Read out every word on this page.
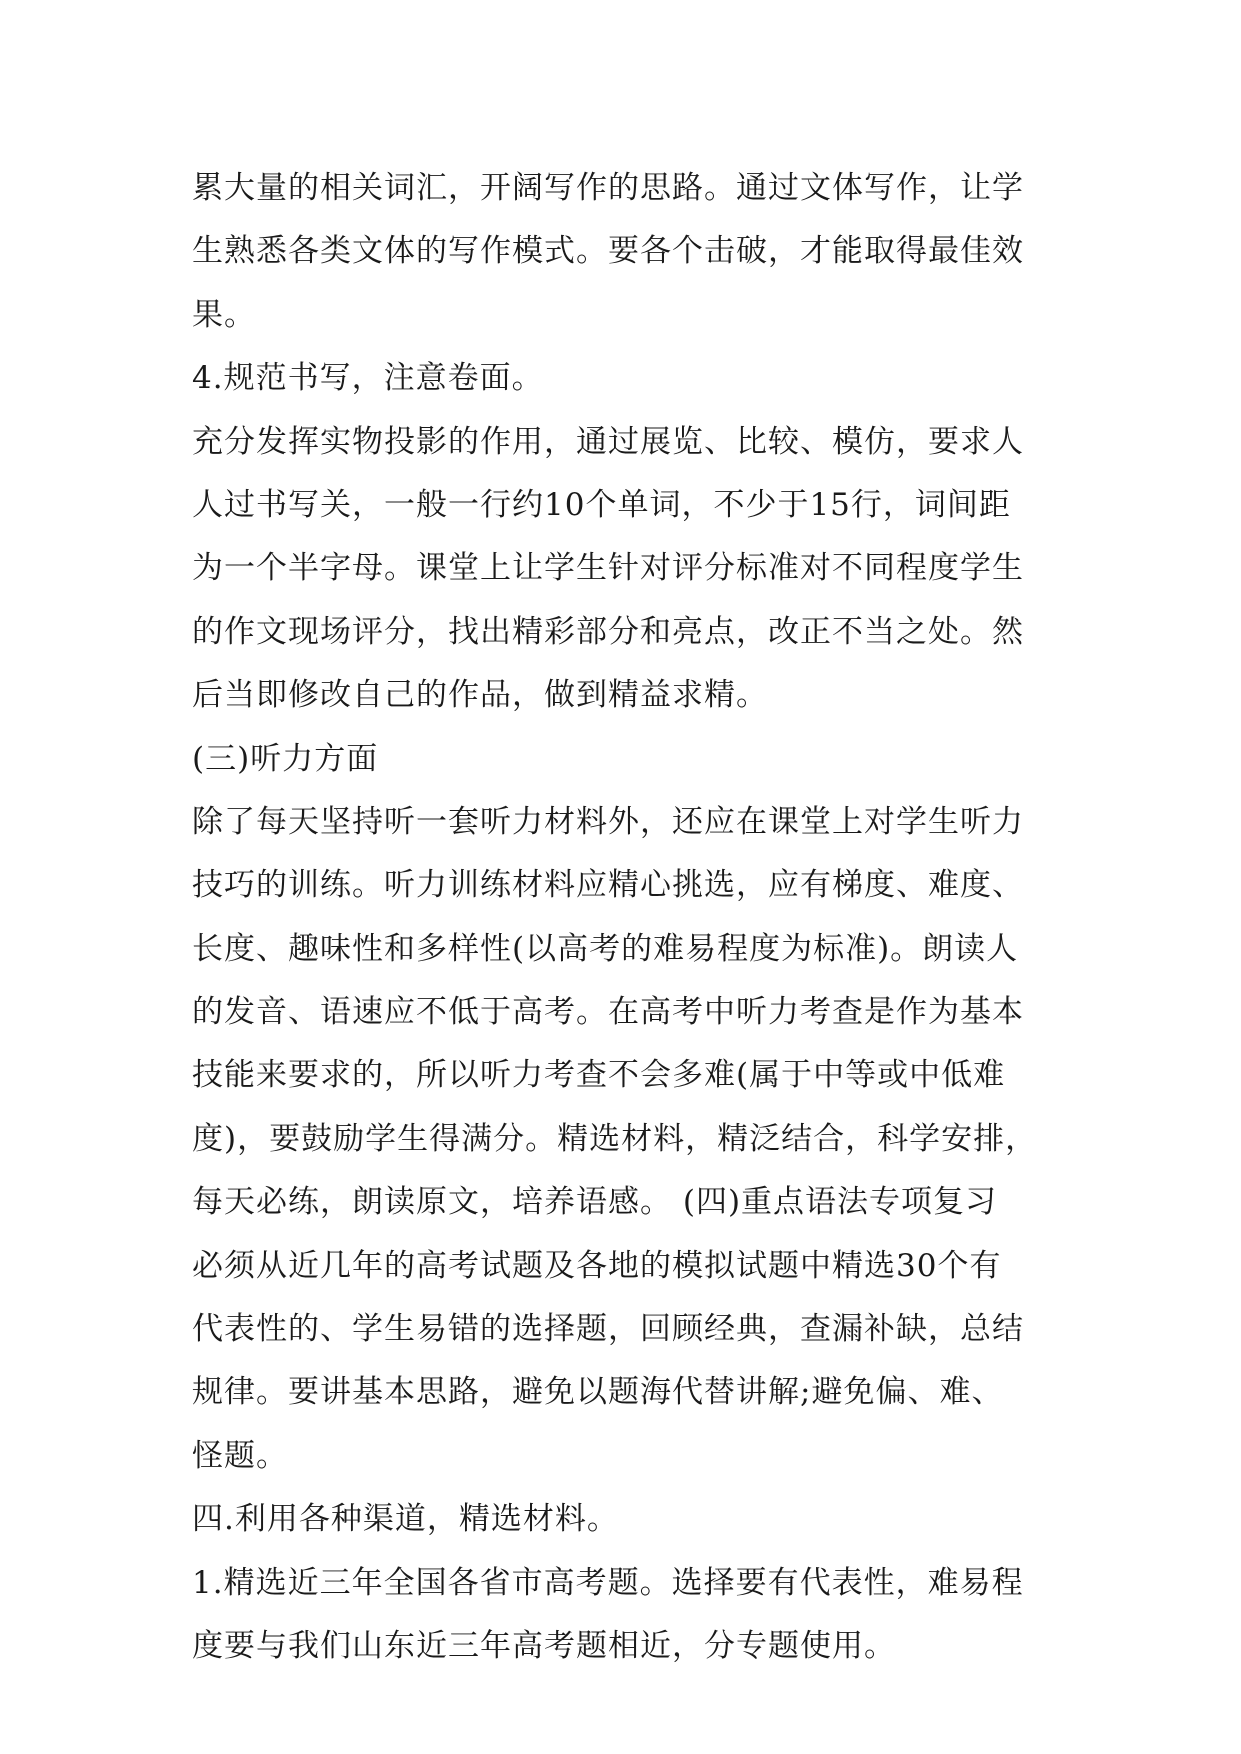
累大量的相关词汇，开阔写作的思路。通过文体写作，让学
生熟悉各类文体的写作模式。要各个击破，才能取得最佳效
果。
4.规范书写，注意卷面。
充分发挥实物投影的作用，通过展览、比较、模仿，要求人
人过书写关，一般一行约10个单词，不少于15行，词间距
为一个半字母。课堂上让学生针对评分标准对不同程度学生
的作文现场评分，找出精彩部分和亮点，改正不当之处。然
后当即修改自己的作品，做到精益求精。
(三)听力方面
除了每天坚持听一套听力材料外，还应在课堂上对学生听力
技巧的训练。听力训练材料应精心挑选，应有梯度、难度、
长度、趣味性和多样性(以高考的难易程度为标准)。朗读人
的发音、语速应不低于高考。在高考中听力考查是作为基本
技能来要求的，所以听力考查不会多难(属于中等或中低难
度)，要鼓励学生得满分。精选材料，精泛结合，科学安排，
每天必练，朗读原文，培养语感。 (四)重点语法专项复习
必须从近几年的高考试题及各地的模拟试题中精选30个有
代表性的、学生易错的选择题，回顾经典，查漏补缺，总结
规律。要讲基本思路，避免以题海代替讲解;避免偏、难、
怪题。
四.利用各种渠道，精选材料。
1.精选近三年全国各省市高考题。选择要有代表性，难易程
度要与我们山东近三年高考题相近，分专题使用。
